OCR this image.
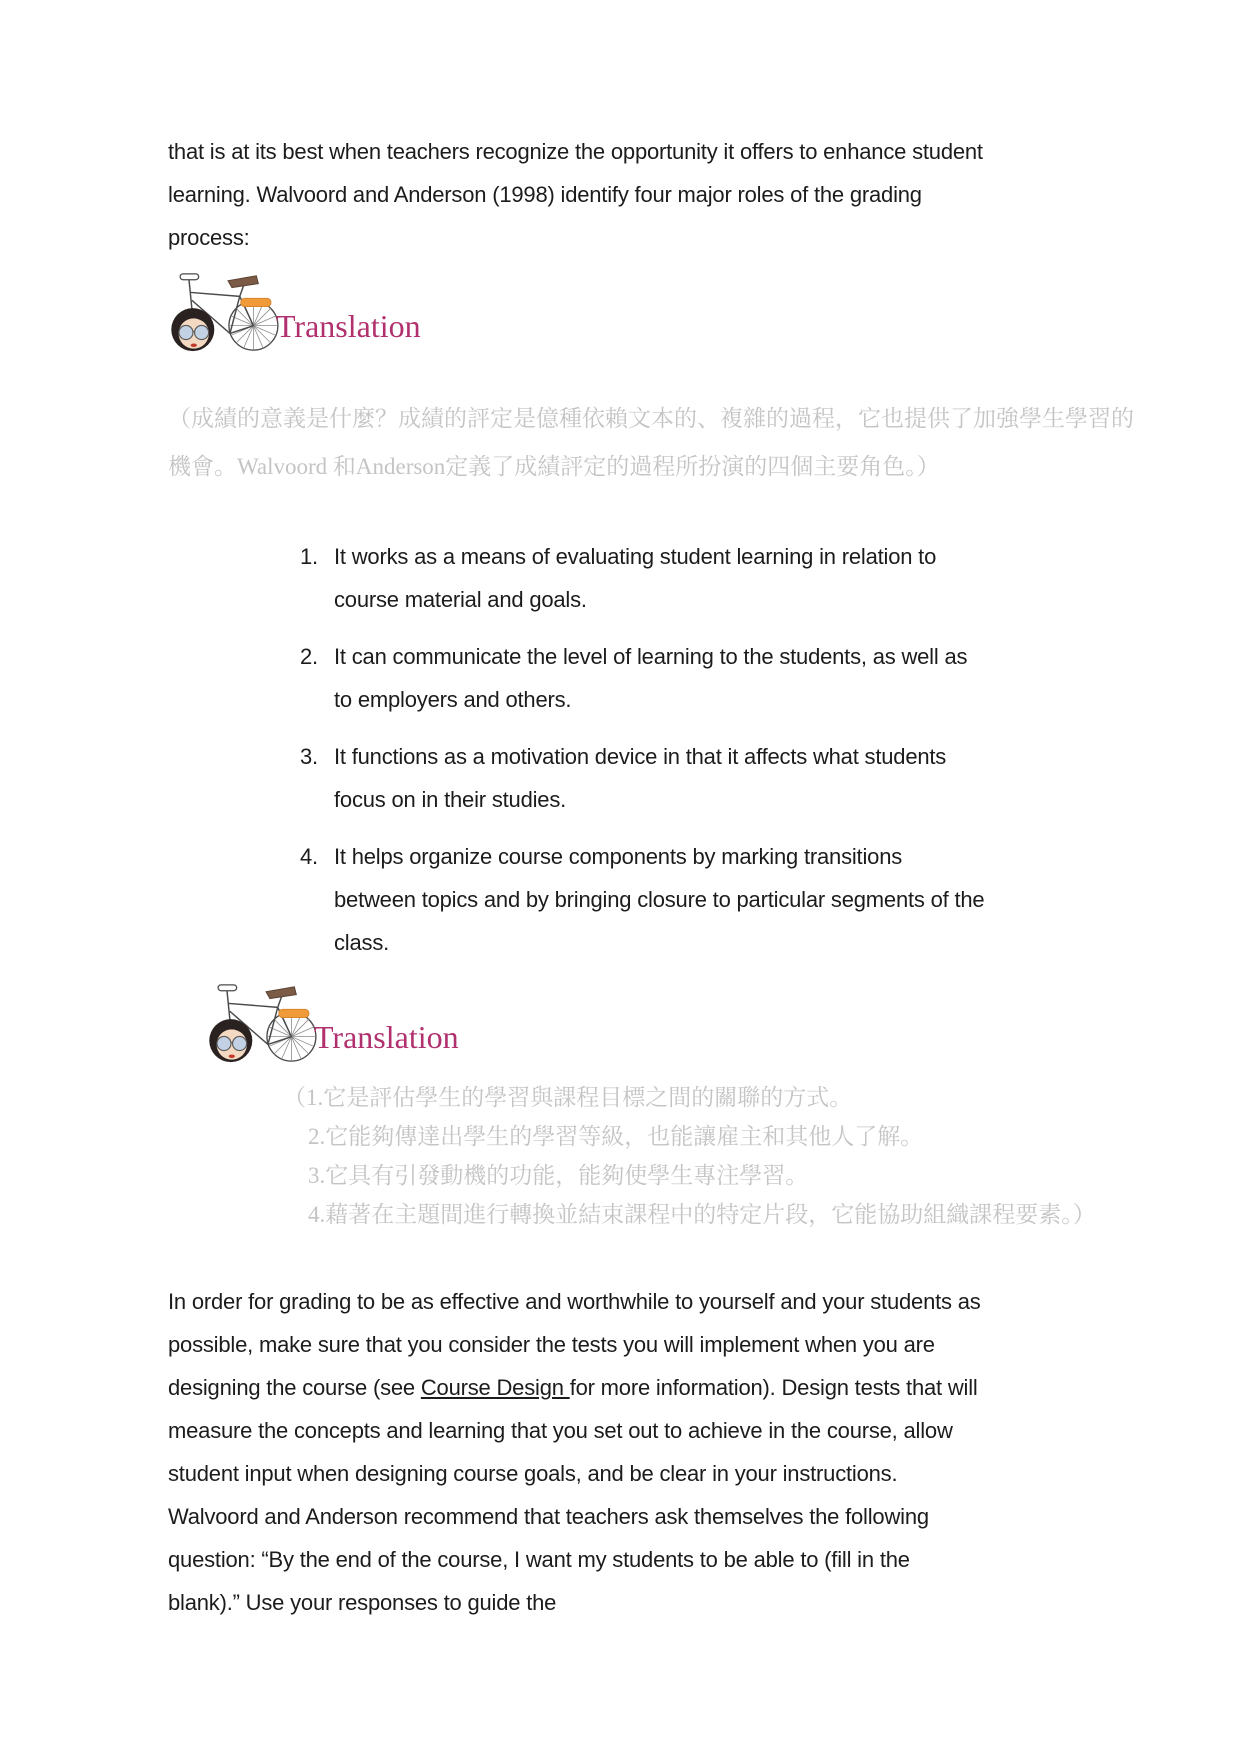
that is at its best when teachers recognize the opportunity it offers to enhance student learning. Walvoord and Anderson (1998) identify four major roles of the grading process:

Translation
（成績的意義是什麼？成績的評定是億種依賴文本的、複雜的過程，它也提供了加強學生學習的
機會。Walvoord 和Anderson定義了成績評定的過程所扮演的四個主要角色。）
1. It works as a means of evaluating student learning in relation to course material and goals.
2. It can communicate the level of learning to the students, as well as to employers and others.
3. It functions as a motivation device in that it affects what students focus on in their studies.
4. It helps organize course components by marking transitions between topics and by bringing closure to particular segments of the class.
Translation
（1.它是評估學生的學習與課程目標之間的關聯的方式。
2.它能夠傳達出學生的學習等級，也能讓雇主和其他人了解。
3.它具有引發動機的功能，能夠使學生專注學習。
4.藉著在主題間進行轉換並結束課程中的特定片段，它能協助組織課程要素。）

In order for grading to be as effective and worthwhile to yourself and your students as possible, make sure that you consider the tests you will implement when you are designing the course (see Course Design for more information). Design tests that will measure the concepts and learning that you set out to achieve in the course, allow student input when designing course goals, and be clear in your instructions. Walvoord and Anderson recommend that teachers ask themselves the following question: “By the end of the course, I want my students to be able to (fill in the blank).” Use your responses to guide the
